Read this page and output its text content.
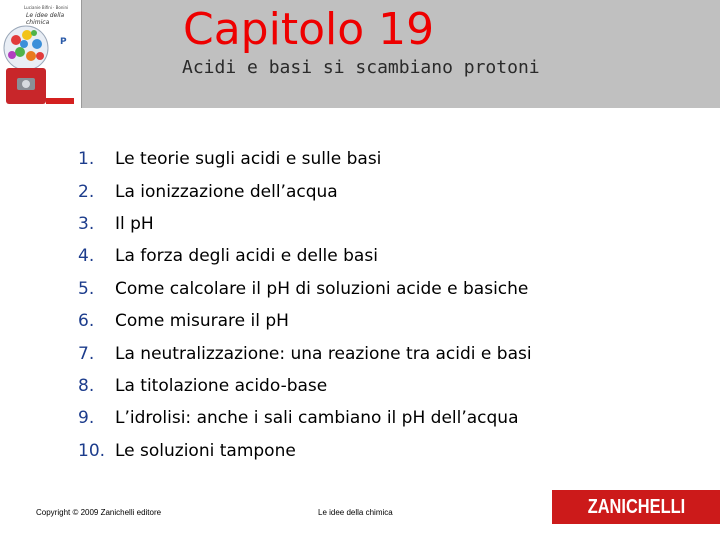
Lucianie Bifini · Bonini
Le idee della chimica
P	Capitolo 19
Acidi e basi si scambiano protoni
1.	Le teorie sugli acidi e sulle basi
2.	La ionizzazione dell’acqua
3.	Il pH
4.	La forza degli acidi e delle basi
5.	Come calcolare il pH di soluzioni acide e basiche
6.	Come misurare il pH
7.	La neutralizzazione: una reazione tra acidi e basi
8.	La titolazione acido-base
9.	L’idrolisi: anche i sali cambiano il pH dell’acqua
10. Le soluzioni tampone
Copyright © 2009 Zanichelli editore	Le idee della chimica	ZANICHELLI
